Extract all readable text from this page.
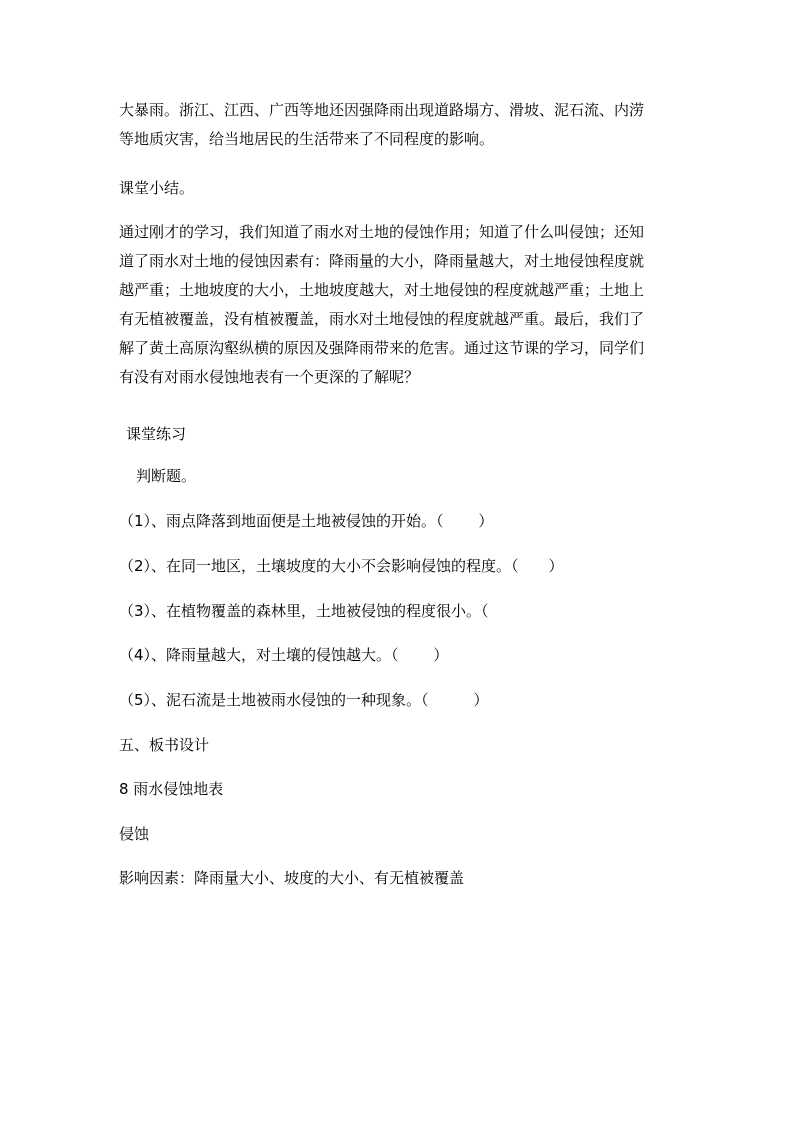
大暴雨。浙江、江西、广西等地还因强降雨出现道路塌方、滑坡、泥石流、内涝
等地质灾害，给当地居民的生活带来了不同程度的影响。
课堂小结。
通过刚才的学习，我们知道了雨水对土地的侵蚀作用；知道了什么叫侵蚀；还知
道了雨水对土地的侵蚀因素有：降雨量的大小，降雨量越大，对土地侵蚀程度就
越严重；土地坡度的大小，土地坡度越大，对土地侵蚀的程度就越严重；土地上
有无植被覆盖，没有植被覆盖，雨水对土地侵蚀的程度就越严重。最后，我们了
解了黄土高原沟壑纵横的原因及强降雨带来的危害。通过这节课的学习，同学们
有没有对雨水侵蚀地表有一个更深的了解呢？
课堂练习
判断题。
（1）、雨点降落到地面便是土地被侵蚀的开始。（　　 ）
（2）、在同一地区，土壤坡度的大小不会影响侵蚀的程度。（　　）
（3）、在植物覆盖的森林里，土地被侵蚀的程度很小。（
（4）、降雨量越大，对土壤的侵蚀越大。（　　 ）
（5）、泥石流是土地被雨水侵蚀的一种现象。（　　　）
五、板书设计
8 雨水侵蚀地表
侵蚀
影响因素：降雨量大小、坡度的大小、有无植被覆盖
